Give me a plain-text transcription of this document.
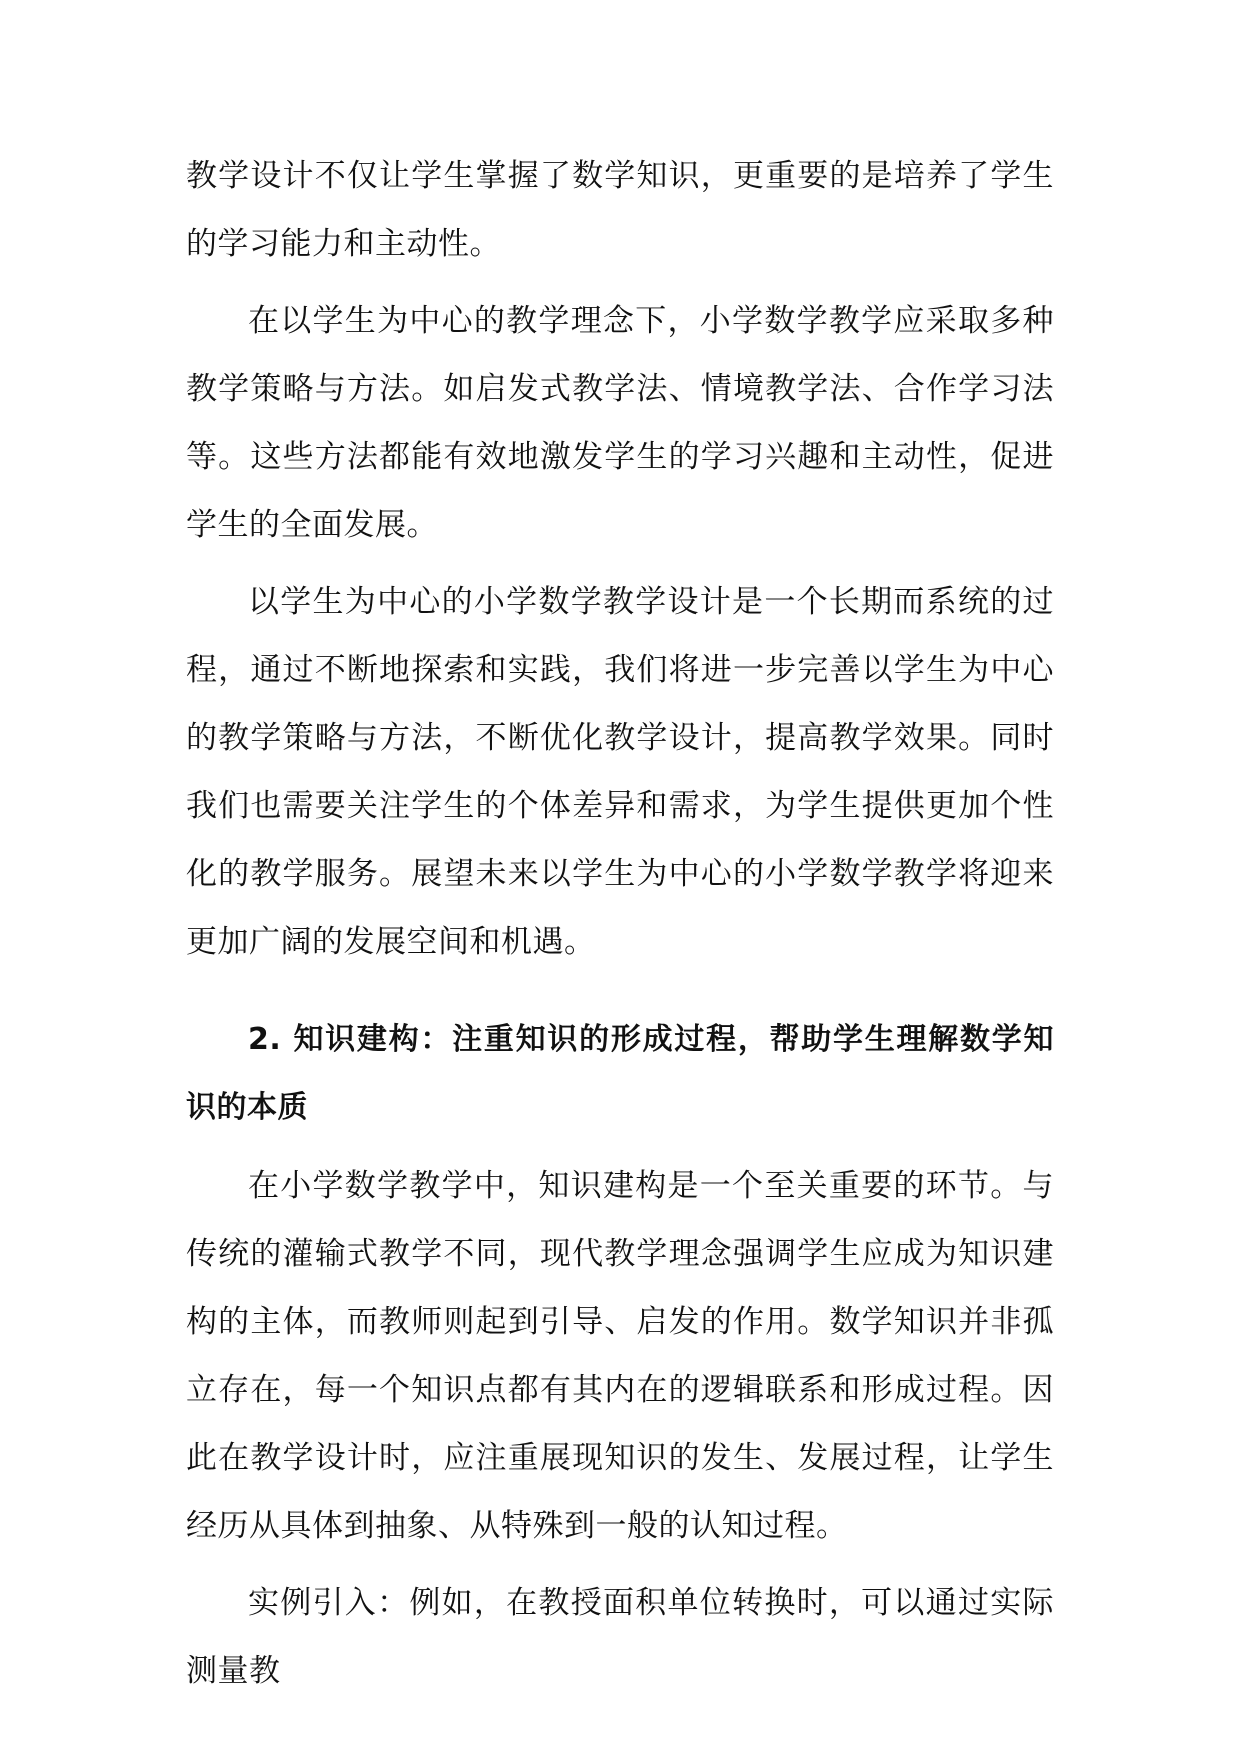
教学设计不仅让学生掌握了数学知识，更重要的是培养了学生的学习能力和主动性。

在以学生为中心的教学理念下，小学数学教学应采取多种教学策略与方法。如启发式教学法、情境教学法、合作学习法等。这些方法都能有效地激发学生的学习兴趣和主动性，促进学生的全面发展。

以学生为中心的小学数学教学设计是一个长期而系统的过程，通过不断地探索和实践，我们将进一步完善以学生为中心的教学策略与方法，不断优化教学设计，提高教学效果。同时我们也需要关注学生的个体差异和需求，为学生提供更加个性化的教学服务。展望未来以学生为中心的小学数学教学将迎来更加广阔的发展空间和机遇。

2. 知识建构：注重知识的形成过程，帮助学生理解数学知识的本质

在小学数学教学中，知识建构是一个至关重要的环节。与传统的灌输式教学不同，现代教学理念强调学生应成为知识建构的主体，而教师则起到引导、启发的作用。数学知识并非孤立存在，每一个知识点都有其内在的逻辑联系和形成过程。因此在教学设计时，应注重展现知识的发生、发展过程，让学生经历从具体到抽象、从特殊到一般的认知过程。

实例引入：例如，在教授面积单位转换时，可以通过实际测量教
